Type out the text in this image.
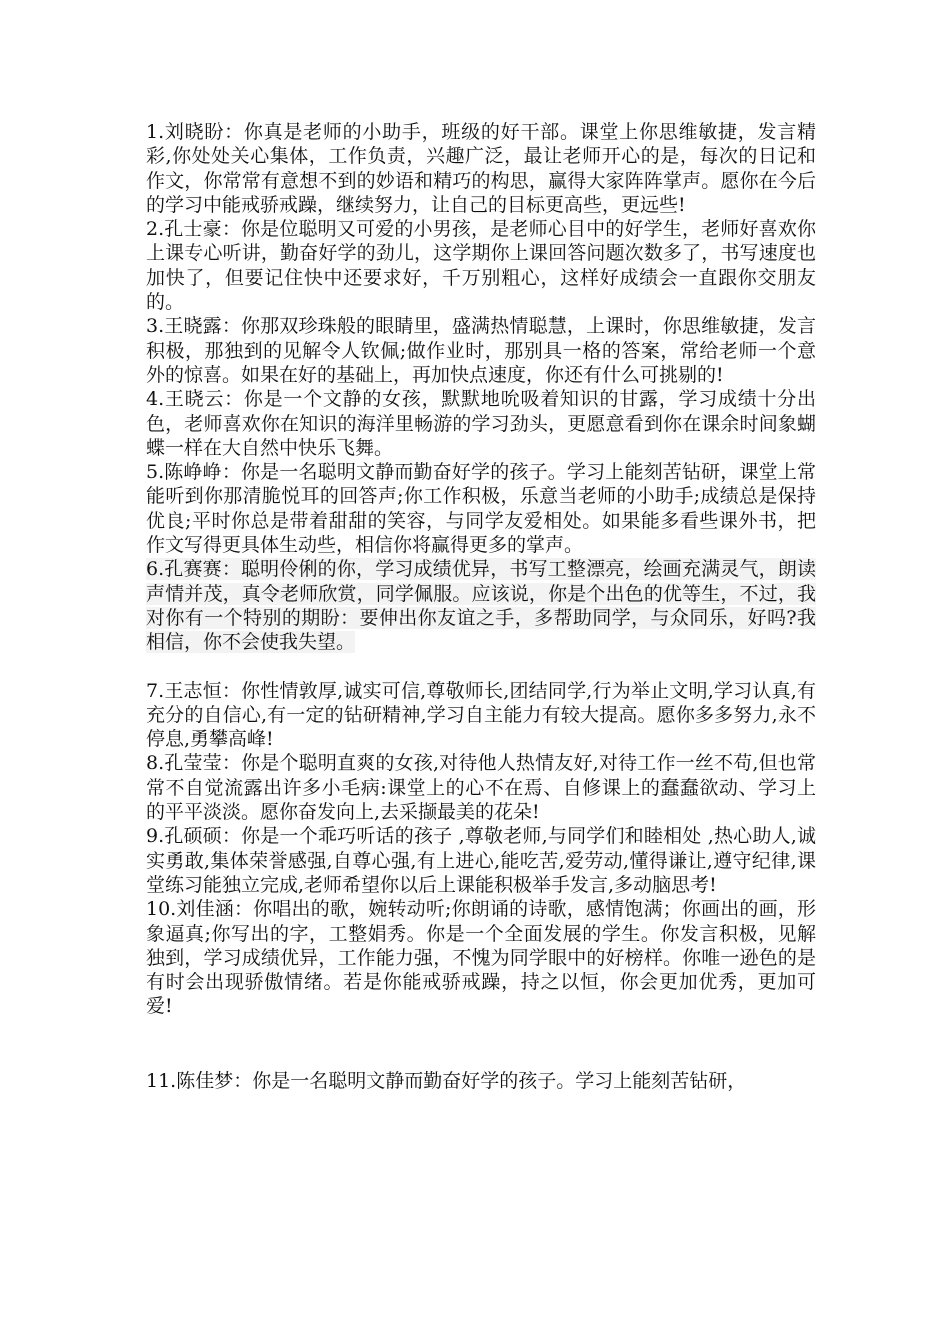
1.刘晓盼：你真是老师的小助手，班级的好干部。课堂上你思维敏捷，发言精彩,你处处关心集体，工作负责，兴趣广泛，最让老师开心的是，每次的日记和作文，你常常有意想不到的妙语和精巧的构思，赢得大家阵阵掌声。愿你在今后的学习中能戒骄戒躁，继续努力，让自己的目标更高些，更远些!

2.孔士豪：你是位聪明又可爱的小男孩，是老师心目中的好学生，老师好喜欢你上课专心听讲，勤奋好学的劲儿，这学期你上课回答问题次数多了，书写速度也加快了，但要记住快中还要求好，千万别粗心，这样好成绩会一直跟你交朋友的。

3.王晓露：你那双珍珠般的眼睛里，盛满热情聪慧，上课时，你思维敏捷，发言积极，那独到的见解令人钦佩;做作业时，那别具一格的答案，常给老师一个意外的惊喜。如果在好的基础上，再加快点速度，你还有什么可挑剔的!

4.王晓云：你是一个文静的女孩，默默地吮吸着知识的甘露，学习成绩十分出色，老师喜欢你在知识的海洋里畅游的学习劲头，更愿意看到你在课余时间象蝴蝶一样在大自然中快乐飞舞。

5.陈峥峥：你是一名聪明文静而勤奋好学的孩子。学习上能刻苦钻研，课堂上常能听到你那清脆悦耳的回答声;你工作积极，乐意当老师的小助手;成绩总是保持优良;平时你总是带着甜甜的笑容，与同学友爱相处。如果能多看些课外书，把作文写得更具体生动些，相信你将赢得更多的掌声。

6.孔赛赛：聪明伶俐的你，学习成绩优异，书写工整漂亮，绘画充满灵气，朗读声情并茂，真令老师欣赏，同学佩服。应该说，你是个出色的优等生，不过，我对你有一个特别的期盼：要伸出你友谊之手，多帮助同学，与众同乐，好吗?我相信，你不会使我失望。

7.王志恒：你性情敦厚,诚实可信,尊敬师长,团结同学,行为举止文明,学习认真,有充分的自信心,有一定的钻研精神,学习自主能力有较大提高。愿你多多努力,永不停息,勇攀高峰!

8.孔莹莹：你是个聪明直爽的女孩,对待他人热情友好,对待工作一丝不苟,但也常常不自觉流露出许多小毛病:课堂上的心不在焉、自修课上的蠢蠢欲动、学习上的平平淡淡。愿你奋发向上,去采撷最美的花朵!

9.孔硕硕：你是一个乖巧听话的孩子 ,尊敬老师,与同学们和睦相处 ,热心助人,诚实勇敢,集体荣誉感强,自尊心强,有上进心,能吃苦,爱劳动,懂得谦让,遵守纪律,课堂练习能独立完成,老师希望你以后上课能积极举手发言,多动脑思考!

10.刘佳涵：你唱出的歌，婉转动听;你朗诵的诗歌，感情饱满；你画出的画，形象逼真;你写出的字，工整娟秀。你是一个全面发展的学生。你发言积极，见解独到，学习成绩优异，工作能力强，不愧为同学眼中的好榜样。你唯一逊色的是有时会出现骄傲情绪。若是你能戒骄戒躁，持之以恒，你会更加优秀，更加可爱!

11.陈佳梦：你是一名聪明文静而勤奋好学的孩子。学习上能刻苦钻研，
